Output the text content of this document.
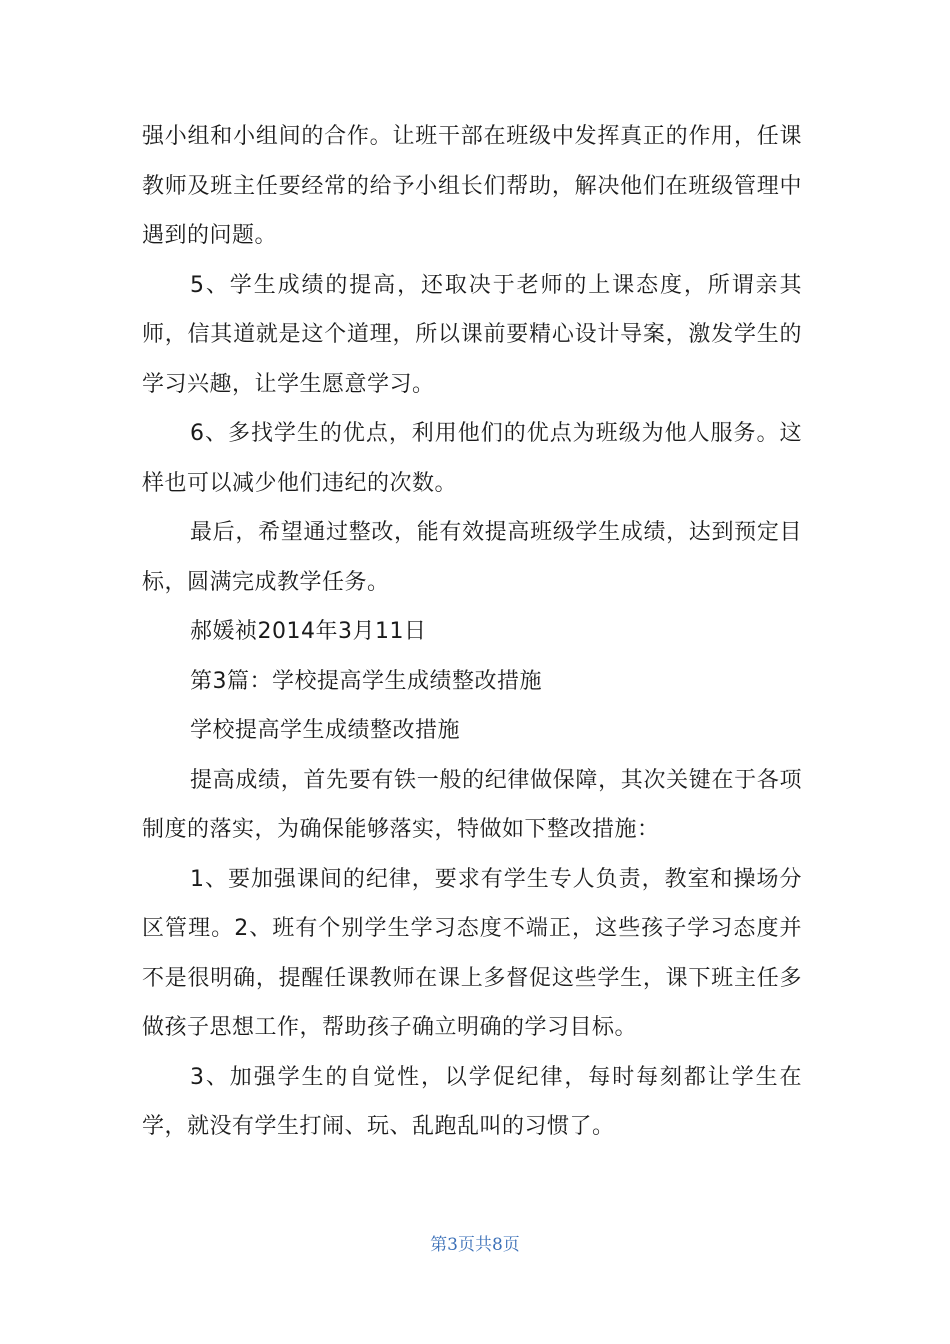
强小组和小组间的合作。让班干部在班级中发挥真正的作用，任课教师及班主任要经常的给予小组长们帮助，解决他们在班级管理中遇到的问题。

5、学生成绩的提高，还取决于老师的上课态度，所谓亲其师，信其道就是这个道理，所以课前要精心设计导案，激发学生的学习兴趣，让学生愿意学习。

6、多找学生的优点，利用他们的优点为班级为他人服务。这样也可以减少他们违纪的次数。

最后，希望通过整改，能有效提高班级学生成绩，达到预定目标，圆满完成教学任务。

郝媛祯2014年3月11日

第3篇：学校提高学生成绩整改措施

学校提高学生成绩整改措施

提高成绩，首先要有铁一般的纪律做保障，其次关键在于各项制度的落实，为确保能够落实，特做如下整改措施：

1、要加强课间的纪律，要求有学生专人负责，教室和操场分区管理。2、班有个别学生学习态度不端正，这些孩子学习态度并不是很明确，提醒任课教师在课上多督促这些学生，课下班主任多做孩子思想工作，帮助孩子确立明确的学习目标。

3、加强学生的自觉性，以学促纪律，每时每刻都让学生在学，就没有学生打闹、玩、乱跑乱叫的习惯了。

第3页共8页
